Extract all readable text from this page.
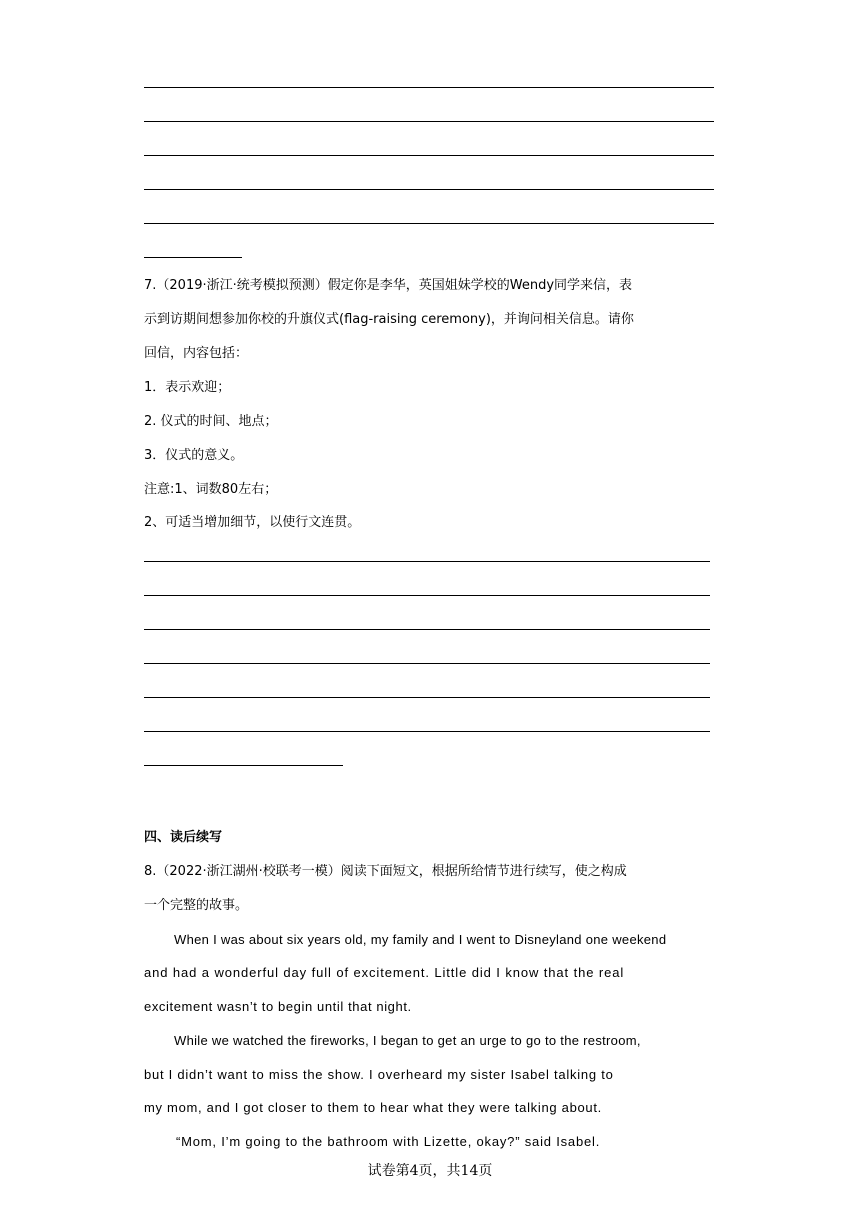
7.（2019·浙江·统考模拟预测）假定你是李华，英国姐妹学校的Wendy同学来信，表
示到访期间想参加你校的升旗仪式(flag-raising ceremony)，并询问相关信息。请你
回信，内容包括：
1．表示欢迎；
2. 仪式的时间、地点；
3．仪式的意义。
注意:1、词数80左右；
2、可适当增加细节，以使行文连贯。
四、读后续写
8.（2022·浙江湖州·校联考一模）阅读下面短文，根据所给情节进行续写，使之构成
一个完整的故事。
When I was about six years old, my family and I went to Disneyland one weekend
and had a wonderful day full of excitement. Little did I know that the real
excitement wasn’t to begin until that night.
While we watched the fireworks, I began to get an urge to go to the restroom,
but I didn’t want to miss the show. I overheard my sister Isabel talking to
my mom, and I got closer to them to hear what they were talking about.
“Mom, I’m going to the bathroom with Lizette, okay?” said Isabel.
试卷第4页，共14页
